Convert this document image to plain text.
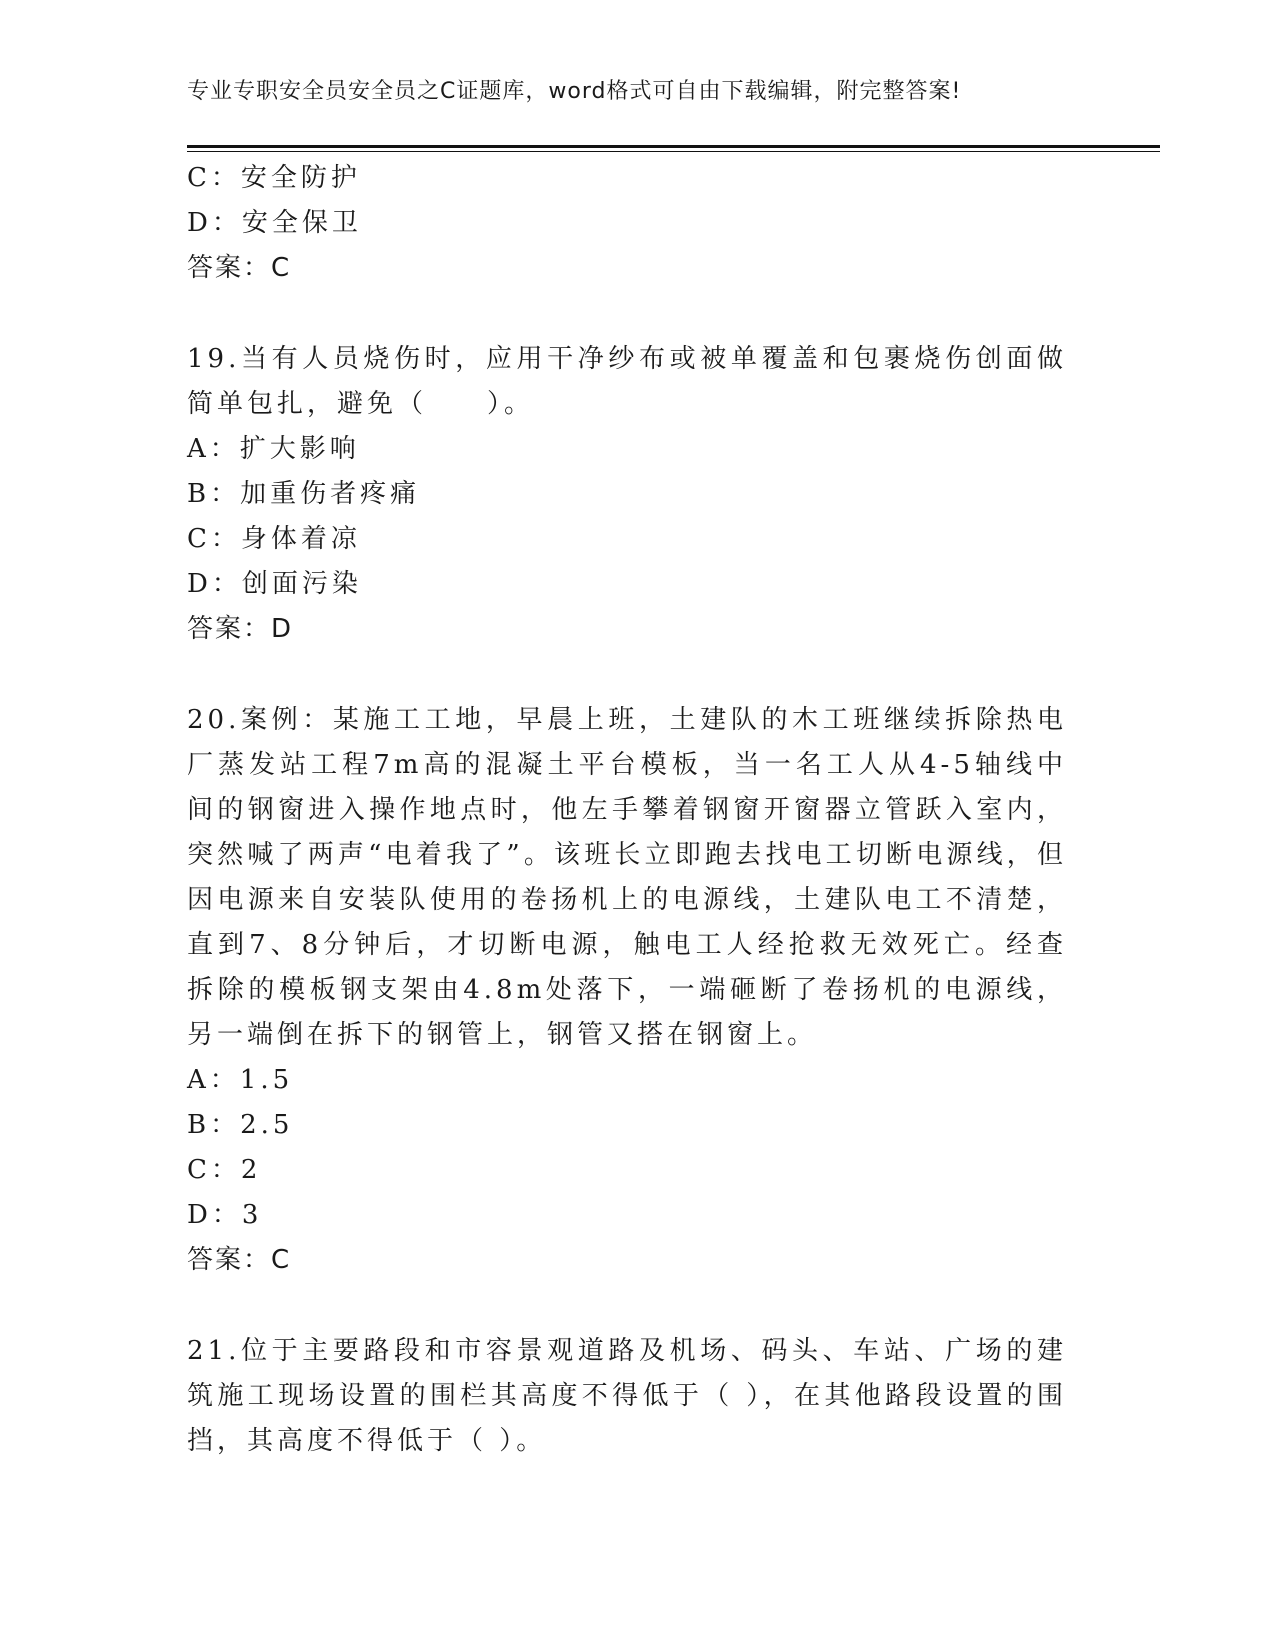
专业专职安全员安全员之C证题库，word格式可自由下载编辑，附完整答案!
C：安全防护
D：安全保卫
答案：C
19.当有人员烧伤时，应用干净纱布或被单覆盖和包裹烧伤创面做简单包扎，避免（　　）。
A：扩大影响
B：加重伤者疼痛
C：身体着凉
D：创面污染
答案：D
20.案例：某施工工地，早晨上班，土建队的木工班继续拆除热电厂蒸发站工程7m高的混凝土平台模板，当一名工人从4-5轴线中间的钢窗进入操作地点时，他左手攀着钢窗开窗器立管跃入室内，突然喊了两声“电着我了”。该班长立即跑去找电工切断电源线，但因电源来自安装队使用的卷扬机上的电源线，土建队电工不清楚，直到7、8分钟后，才切断电源，触电工人经抢救无效死亡。经查拆除的模板钢支架由4.8m处落下，一端砸断了卷扬机的电源线，另一端倒在拆下的钢管上，钢管又搭在钢窗上。
A：1.5
B：2.5
C：2
D：3
答案：C
21.位于主要路段和市容景观道路及机场、码头、车站、广场的建筑施工现场设置的围栏其高度不得低于（ ），在其他路段设置的围挡，其高度不得低于（ ）。
